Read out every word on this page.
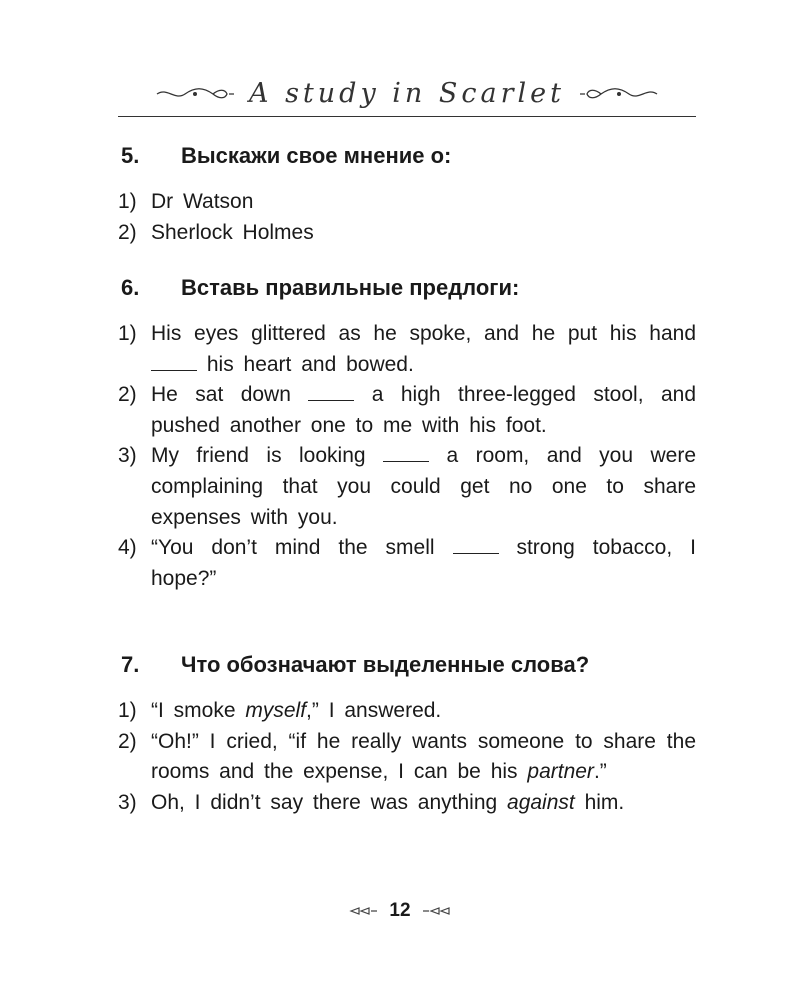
A study in Scarlet
5. Выскажи свое мнение о:
1) Dr Watson
2) Sherlock Holmes
6. Вставь правильные предлоги:
1) His eyes glittered as he spoke, and he put his hand  his heart and bowed.
2) He sat down	a high three-legged stool, and pushed another one to me with his foot.
3) My friend is looking	a room, and you were complaining that you could get no one to share expenses with you.
4) “You don’t mind the smell	strong tobacco, I hope?”
7. Что обозначают выделенные слова?
1) “I smoke myself,” I answered.
2) “Oh!” I cried, “if he really wants someone to share the rooms and the expense, I can be his partner.”
3) Oh, I didn’t say there was anything against him.
12
